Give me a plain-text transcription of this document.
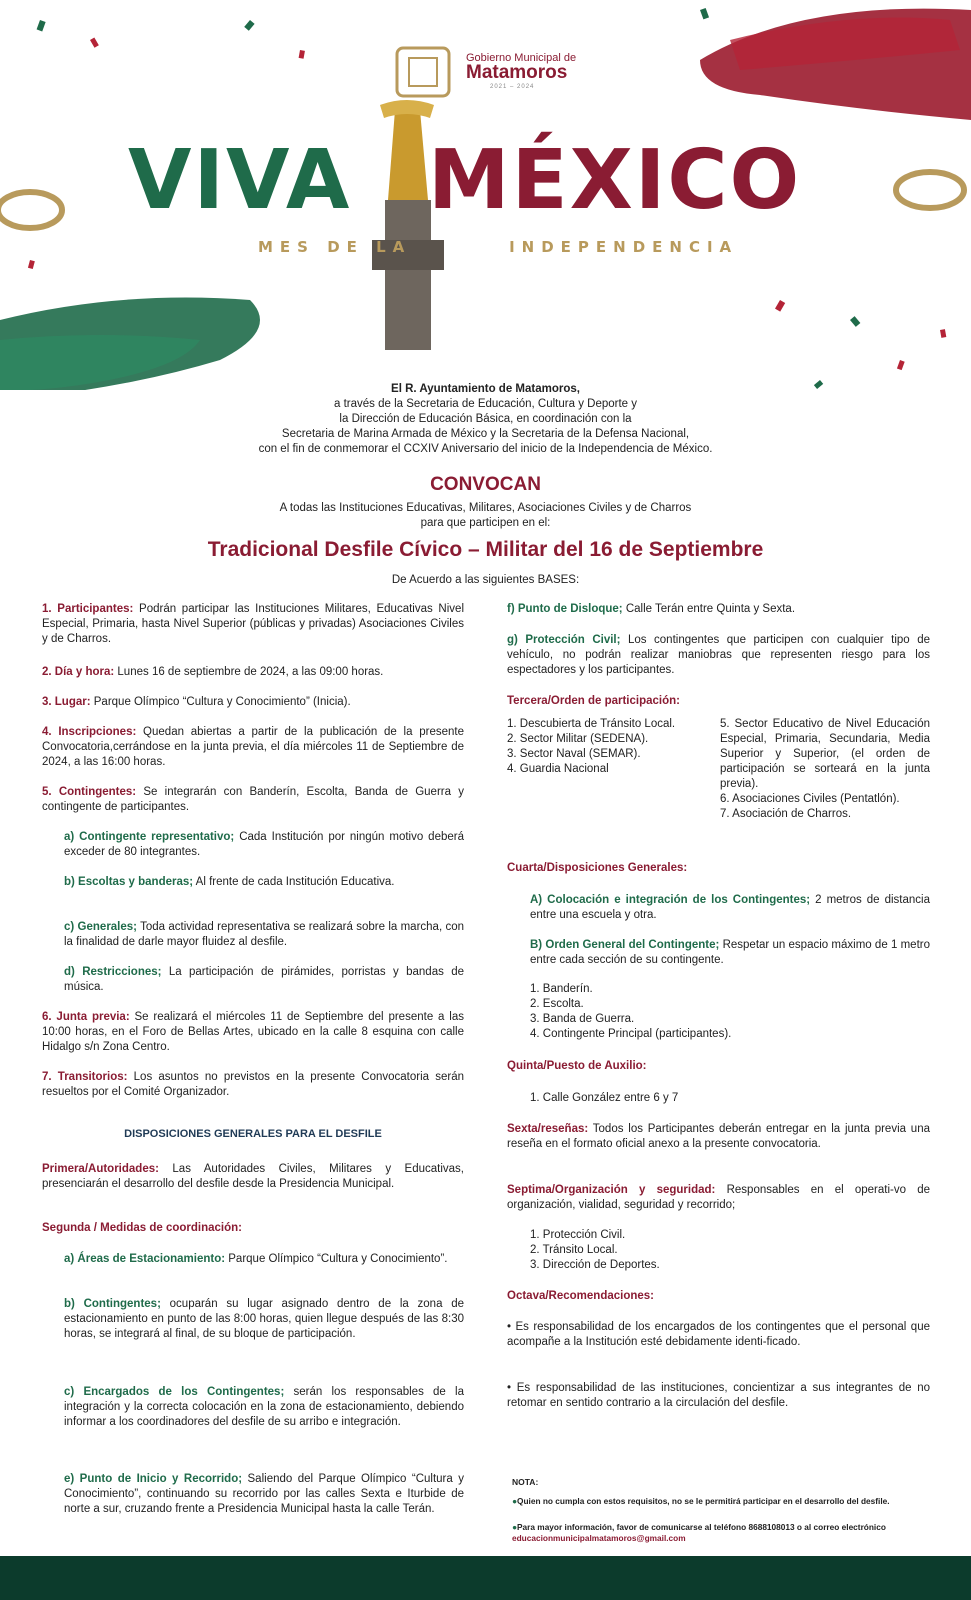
Gobierno Municipal de
Matamoros
2021 – 2024
VIVA MÉXICO
MES DE LA        INDEPENDENCIA
El R. Ayuntamiento de Matamoros,
a través de la Secretaria de Educación, Cultura y Deporte y
la Dirección de Educación Básica, en coordinación con la
Secretaria de Marina Armada de México y la Secretaria de la Defensa Nacional,
con el fin de conmemorar el CCXIV Aniversario del inicio de la Independencia de México.
CONVOCAN
A todas las Instituciones Educativas, Militares, Asociaciones Civiles y de Charros
para que participen en el:
Tradicional Desfile Cívico – Militar del 16 de Septiembre
De Acuerdo a las siguientes BASES:
1. Participantes: Podrán participar las Instituciones Militares, Educativas Nivel Especial, Primaria, hasta Nivel Superior (públicas y privadas) Asociaciones Civiles y de Charros.
2. Día y hora: Lunes 16 de septiembre de 2024, a las 09:00 horas.
3. Lugar: Parque Olímpico “Cultura y Conocimiento” (Inicia).
4. Inscripciones: Quedan abiertas a partir de la publicación de la presente Convocatoria,cerrándose en la junta previa, el día miércoles 11 de Septiembre de 2024, a las 16:00 horas.
5. Contingentes: Se integrarán con Banderín, Escolta, Banda de Guerra y contingente de participantes.
a) Contingente representativo; Cada Institución por ningún motivo deberá exceder de 80 integrantes.
b) Escoltas y banderas; Al frente de cada Institución Educativa.
c) Generales; Toda actividad representativa se realizará sobre la marcha, con la finalidad de darle mayor fluidez al desfile.
d) Restricciones; La participación de pirámides, porristas y bandas de música.
6. Junta previa: Se realizará el miércoles 11 de Septiembre del presente a las 10:00 horas, en el Foro de Bellas Artes, ubicado en la calle 8 esquina con calle Hidalgo s/n Zona Centro.
7. Transitorios: Los asuntos no previstos en la presente Convocatoria serán resueltos por el Comité Organizador.
DISPOSICIONES GENERALES PARA EL DESFILE
Primera/Autoridades: Las Autoridades Civiles, Militares y Educativas, presenciarán el desarrollo del desfile desde la Presidencia Municipal.
Segunda / Medidas de coordinación:
a) Áreas de Estacionamiento: Parque Olímpico “Cultura y Conocimiento”.
b) Contingentes; ocuparán su lugar asignado dentro de la zona de estacionamiento en punto de las 8:00 horas, quien llegue después de las 8:30 horas, se integrará al final, de su bloque de participación.
c) Encargados de los Contingentes; serán los responsables de la integración y la correcta colocación en la zona de estacionamiento, debiendo informar a los coordinadores del desfile de su arribo e integración.
e) Punto de Inicio y Recorrido; Saliendo del Parque Olímpico “Cultura y Conocimiento”, continuando su recorrido por las calles Sexta e Iturbide de norte a sur, cruzando frente a Presidencia Municipal hasta la calle Terán.
f) Punto de Disloque; Calle Terán entre Quinta y Sexta.
g) Protección Civil; Los contingentes que participen con cualquier tipo de vehículo, no podrán realizar maniobras que representen riesgo para los espectadores y los participantes.
Tercera/Orden de participación:
1. Descubierta de Tránsito Local.
2. Sector Militar (SEDENA).
3. Sector Naval (SEMAR).
4. Guardia Nacional
5. Sector Educativo de Nivel Educación Especial, Primaria, Secundaria, Media Superior y Superior, (el orden de participación se sorteará en la junta previa).
6. Asociaciones Civiles (Pentatlón).
7. Asociación de Charros.
Cuarta/Disposiciones Generales:
A) Colocación e integración de los Contingentes; 2 metros de distancia entre una escuela y otra.
B) Orden General del Contingente; Respetar un espacio máximo de 1 metro entre cada sección de su contingente.
1. Banderín.
2. Escolta.
3. Banda de Guerra.
4. Contingente Principal (participantes).
Quinta/Puesto de Auxilio:
1. Calle González entre 6 y 7
Sexta/reseñas: Todos los Participantes deberán entregar en la junta previa una reseña en el formato oficial anexo a la presente convocatoria.
Septima/Organización y seguridad: Responsables en el operati-vo de organización, vialidad, seguridad y recorrido;
1. Protección Civil.
2. Tránsito Local.
3. Dirección de Deportes.
Octava/Recomendaciones:
• Es responsabilidad de los encargados de los contingentes que el personal que acompañe a la Institución esté debidamente identi-ficado.
• Es responsabilidad de las instituciones, concientizar a sus integrantes de no retomar en sentido contrario a la circulación del desfile.
NOTA:
●Quien no cumpla con estos requisitos, no se le permitirá participar en el desarrollo del desfile.
●Para mayor información, favor de comunicarse al teléfono 8688108013 o al correo electrónico educacionmunicipalmatamoros@gmail.com
